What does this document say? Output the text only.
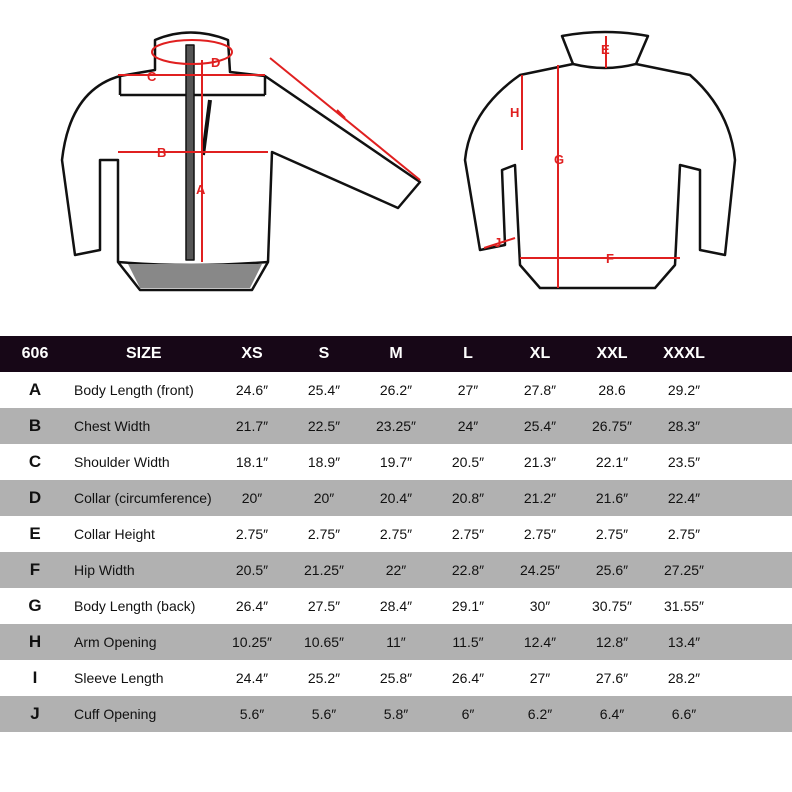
C
B
D
A
E
G
H
F
J
606	SIZE	XS	S	M	L	XL	XXL	XXXL	
A	Body Length (front)	24.6″	25.4″	26.2″	27″	27.8″	28.6	29.2″	
B	Chest Width	21.7″	22.5″	23.25″	24″	25.4″	26.75″	28.3″	
C	Shoulder Width	18.1″	18.9″	19.7″	20.5″	21.3″	22.1″	23.5″	
D	Collar (circumference)	20″	20″	20.4″	20.8″	21.2″	21.6″	22.4″	
E	Collar Height	2.75″	2.75″	2.75″	2.75″	2.75″	2.75″	2.75″	
F	Hip Width	20.5″	21.25″	22″	22.8″	24.25″	25.6″	27.25″	
G	Body Length (back)	26.4″	27.5″	28.4″	29.1″	30″	30.75″	31.55″	
H	Arm Opening	10.25″	10.65″	11″	11.5″	12.4″	12.8″	13.4″	
I	Sleeve Length	24.4″	25.2″	25.8″	26.4″	27″	27.6″	28.2″	
J	Cuff Opening	5.6″	5.6″	5.8″	6″	6.2″	6.4″	6.6″	
